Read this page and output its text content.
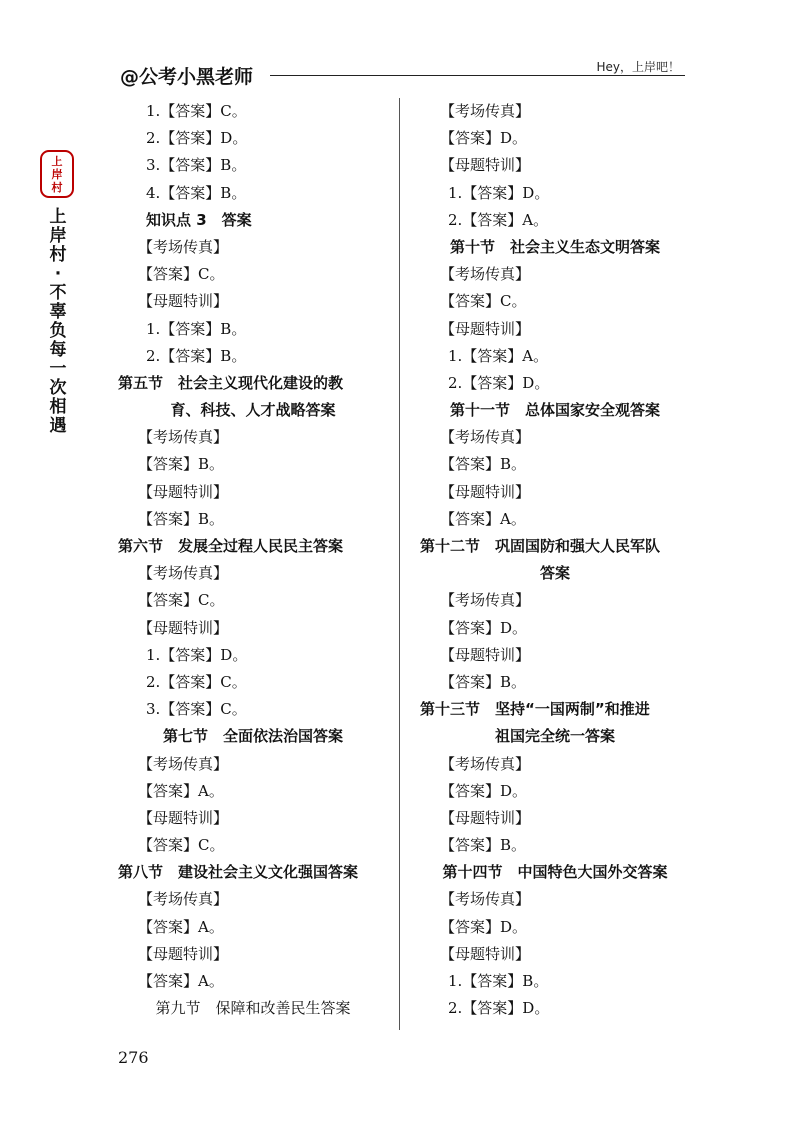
@公考小黑老师	Hey，上岸吧！
上
岸
村
上岸村·不辜负每一次相遇
1.【答案】C。
2.【答案】D。
3.【答案】B。
4.【答案】B。
知识点 3　答案
【考场传真】
【答案】C。
【母题特训】
1.【答案】B。
2.【答案】B。
第五节　社会主义现代化建设的教
育、科技、人才战略答案
【考场传真】
【答案】B。
【母题特训】
【答案】B。
第六节　发展全过程人民民主答案
【考场传真】
【答案】C。
【母题特训】
1.【答案】D。
2.【答案】C。
3.【答案】C。
第七节　全面依法治国答案
【考场传真】
【答案】A。
【母题特训】
【答案】C。
第八节　建设社会主义文化强国答案
【考场传真】
【答案】A。
【母题特训】
【答案】A。
第九节　保障和改善民生答案
【考场传真】
【答案】D。
【母题特训】
1.【答案】D。
2.【答案】A。
第十节　社会主义生态文明答案
【考场传真】
【答案】C。
【母题特训】
1.【答案】A。
2.【答案】D。
第十一节　总体国家安全观答案
【考场传真】
【答案】B。
【母题特训】
【答案】A。
第十二节　巩固国防和强大人民军队
答案
【考场传真】
【答案】D。
【母题特训】
【答案】B。
第十三节　坚持“一国两制”和推进
祖国完全统一答案
【考场传真】
【答案】D。
【母题特训】
【答案】B。
第十四节　中国特色大国外交答案
【考场传真】
【答案】D。
【母题特训】
1.【答案】B。
2.【答案】D。
276
